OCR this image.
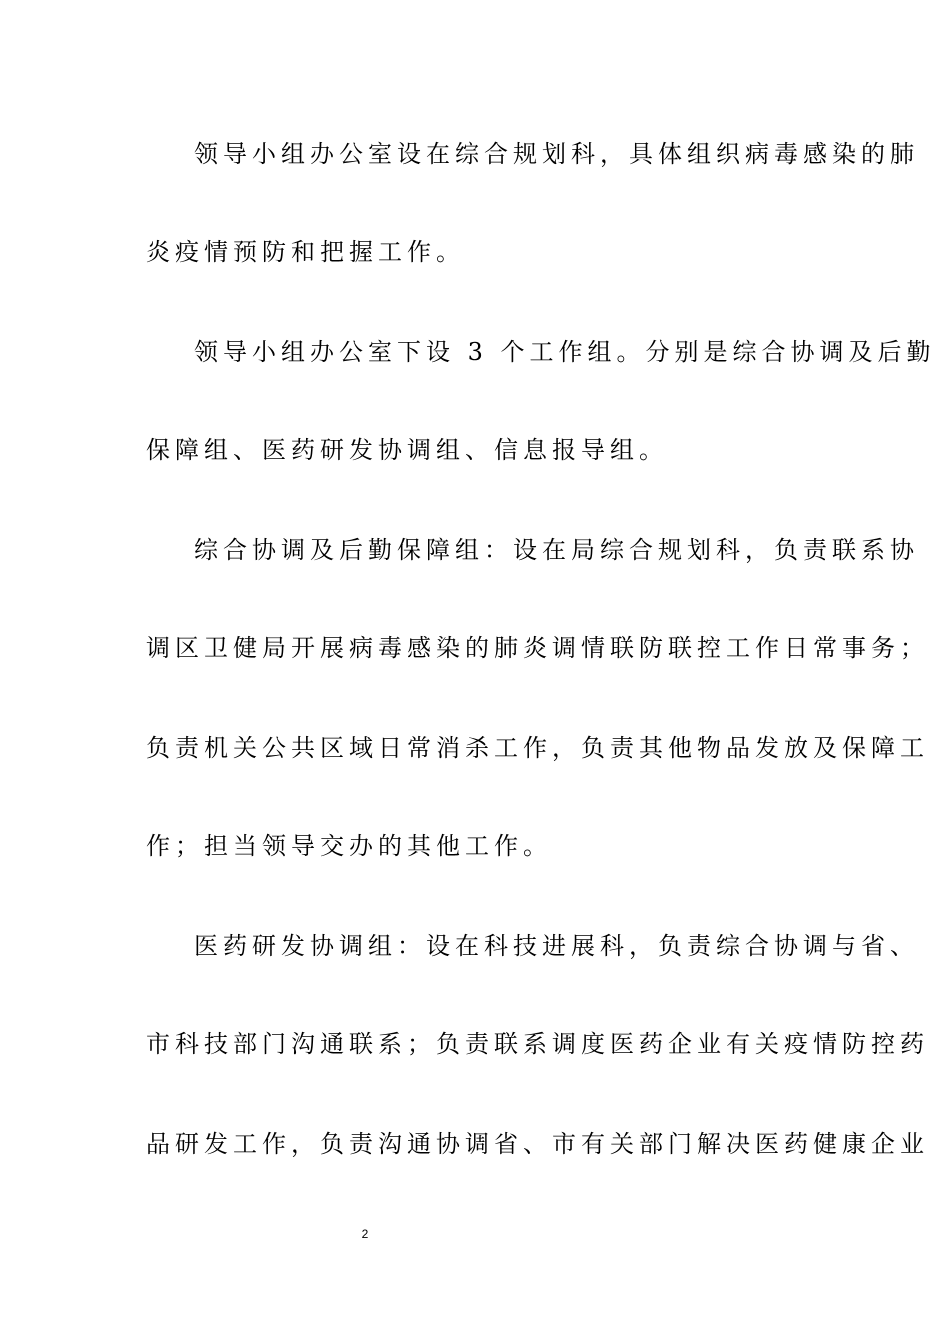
领导小组办公室设在综合规划科，具体组织病毒感染的肺
炎疫情预防和把握工作。
领导小组办公室下设 3 个工作组。分别是综合协调及后勤
保障组、医药研发协调组、信息报导组。
综合协调及后勤保障组：设在局综合规划科，负责联系协
调区卫健局开展病毒感染的肺炎调情联防联控工作日常事务；
负责机关公共区域日常消杀工作，负责其他物品发放及保障工
作；担当领导交办的其他工作。
医药研发协调组：设在科技进展科，负责综合协调与省、
市科技部门沟通联系；负责联系调度医药企业有关疫情防控药
品研发工作，负责沟通协调省、市有关部门解决医药健康企业
2
